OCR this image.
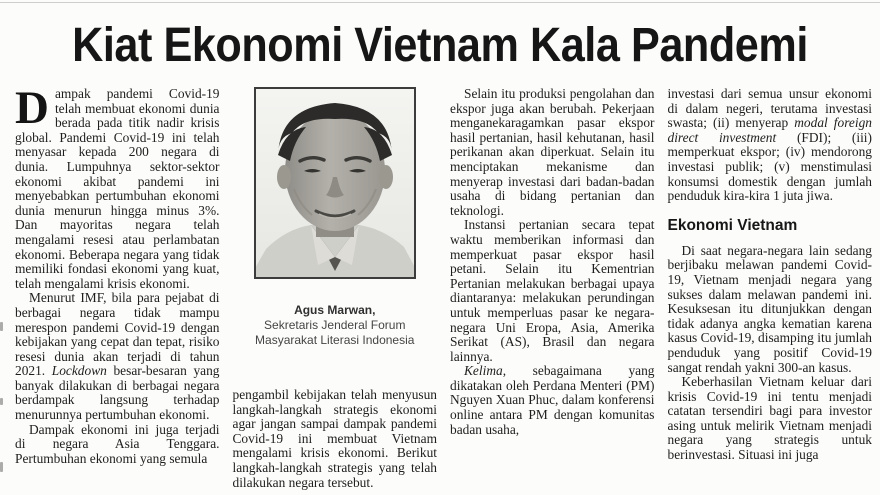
Kiat Ekonomi Vietnam Kala Pandemi

Dampak pandemi Covid-19 telah membuat ekonomi dunia berada pada titik nadir krisis global. Pandemi Covid-19 ini telah menyasar kepada 200 negara di dunia. Lumpuhnya sektor-sektor ekonomi akibat pandemi ini menyebabkan pertumbuhan ekonomi dunia menurun hingga minus 3%. Dan mayoritas negara telah mengalami resesi atau perlambatan ekonomi. Beberapa negara yang tidak memiliki fondasi ekonomi yang kuat, telah mengalami krisis ekonomi.

Menurut IMF, bila para pejabat di berbagai negara tidak mampu merespon pandemi Covid-19 dengan kebijakan yang cepat dan tepat, risiko resesi dunia akan terjadi di tahun 2021. Lockdown besar-besaran yang banyak dilakukan di berbagai negara berdampak langsung terhadap menurunnya pertumbuhan ekonomi.

Dampak ekonomi ini juga terjadi di negara Asia Tenggara. Pertumbuhan ekonomi yang semula

Agus Marwan,
Sekretaris Jenderal Forum
Masyarakat Literasi Indonesia

pengambil kebijakan telah menyusun langkah-langkah strategis ekonomi agar jangan sampai dampak pandemi Covid-19 ini membuat Vietnam mengalami krisis ekonomi. Berikut langkah-langkah strategis yang telah dilakukan negara tersebut.

Selain itu produksi pengolahan dan ekspor juga akan berubah. Pekerjaan menganekaragamkan pasar ekspor hasil pertanian, hasil kehutanan, hasil perikanan akan diperkuat. Selain itu menciptakan mekanisme dan menyerap investasi dari badan-badan usaha di bidang pertanian dan teknologi.

Instansi pertanian secara tepat waktu memberikan informasi dan memperkuat pasar ekspor hasil petani. Selain itu Kementrian Pertanian melakukan berbagai upaya diantaranya: melakukan perundingan untuk memperluas pasar ke negara-negara Uni Eropa, Asia, Amerika Serikat (AS), Brasil dan negara lainnya.

Kelima, sebagaimana yang dikatakan oleh Perdana Menteri (PM) Nguyen Xuan Phuc, dalam konferensi online antara PM dengan komunitas badan usaha,

investasi dari semua unsur ekonomi di dalam negeri, terutama investasi swasta; (ii) menyerap modal foreign direct investment (FDI); (iii) memperkuat ekspor; (iv) mendorong investasi publik; (v) menstimulasi konsumsi domestik dengan jumlah penduduk kira-kira 1 juta jiwa.

Ekonomi Vietnam

Di saat negara-negara lain sedang berjibaku melawan pandemi Covid-19, Vietnam menjadi negara yang sukses dalam melawan pandemi ini. Kesuksesan itu ditunjukkan dengan tidak adanya angka kematian karena kasus Covid-19, disamping itu jumlah penduduk yang positif Covid-19 sangat rendah yakni 300-an kasus.

Keberhasilan Vietnam keluar dari krisis Covid-19 ini tentu menjadi catatan tersendiri bagi para investor asing untuk melirik Vietnam menjadi negara yang strategis untuk berinvestasi. Situasi ini juga
